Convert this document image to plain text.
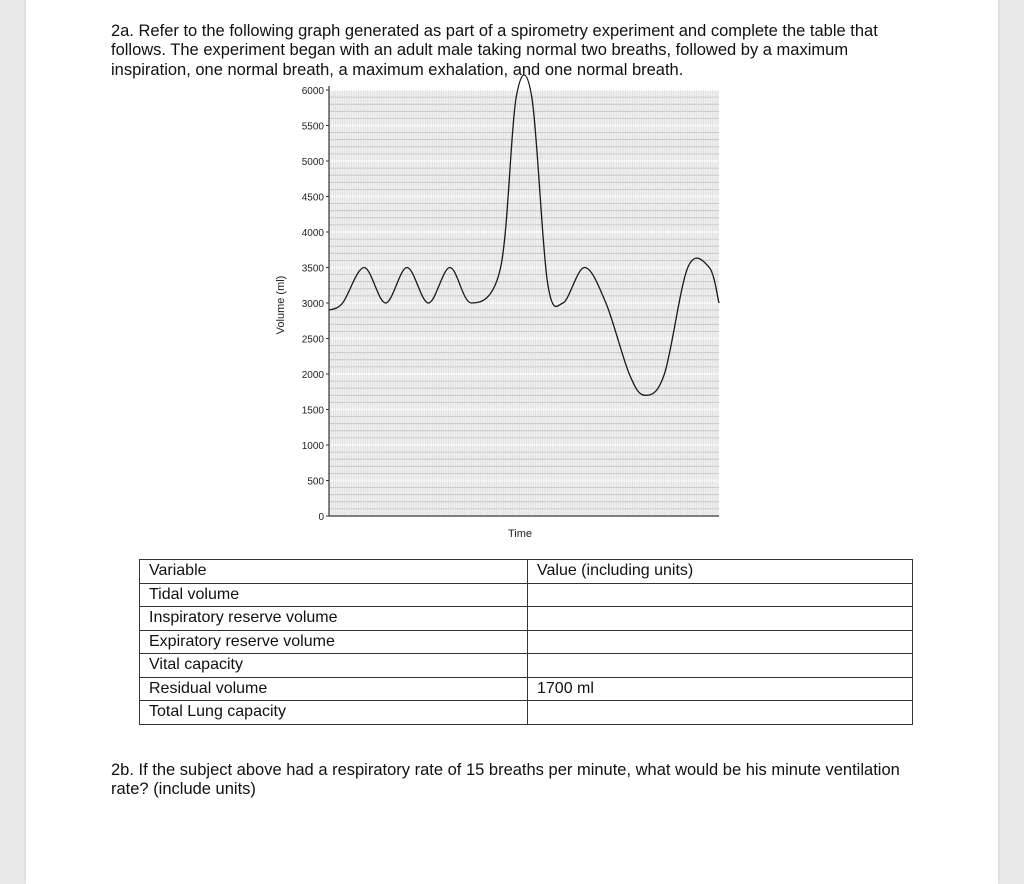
2a. Refer to the following graph generated as part of a spirometry experiment and complete the table that follows. The experiment began with an adult male taking normal two breaths, followed by a maximum inspiration, one normal breath, a maximum exhalation, and one normal breath.

0
500
1000
1500
2000
2500
3000
3500
4000
4500
5000
5500
6000
Volume (ml)
Time
Variable	Value (including units)
Tidal volume	
Inspiratory reserve volume	
Expiratory reserve volume	
Vital capacity	
Residual volume	1700 ml
Total Lung capacity	

2b. If the subject above had a respiratory rate of 15 breaths per minute, what would be his minute ventilation rate? (include units)
